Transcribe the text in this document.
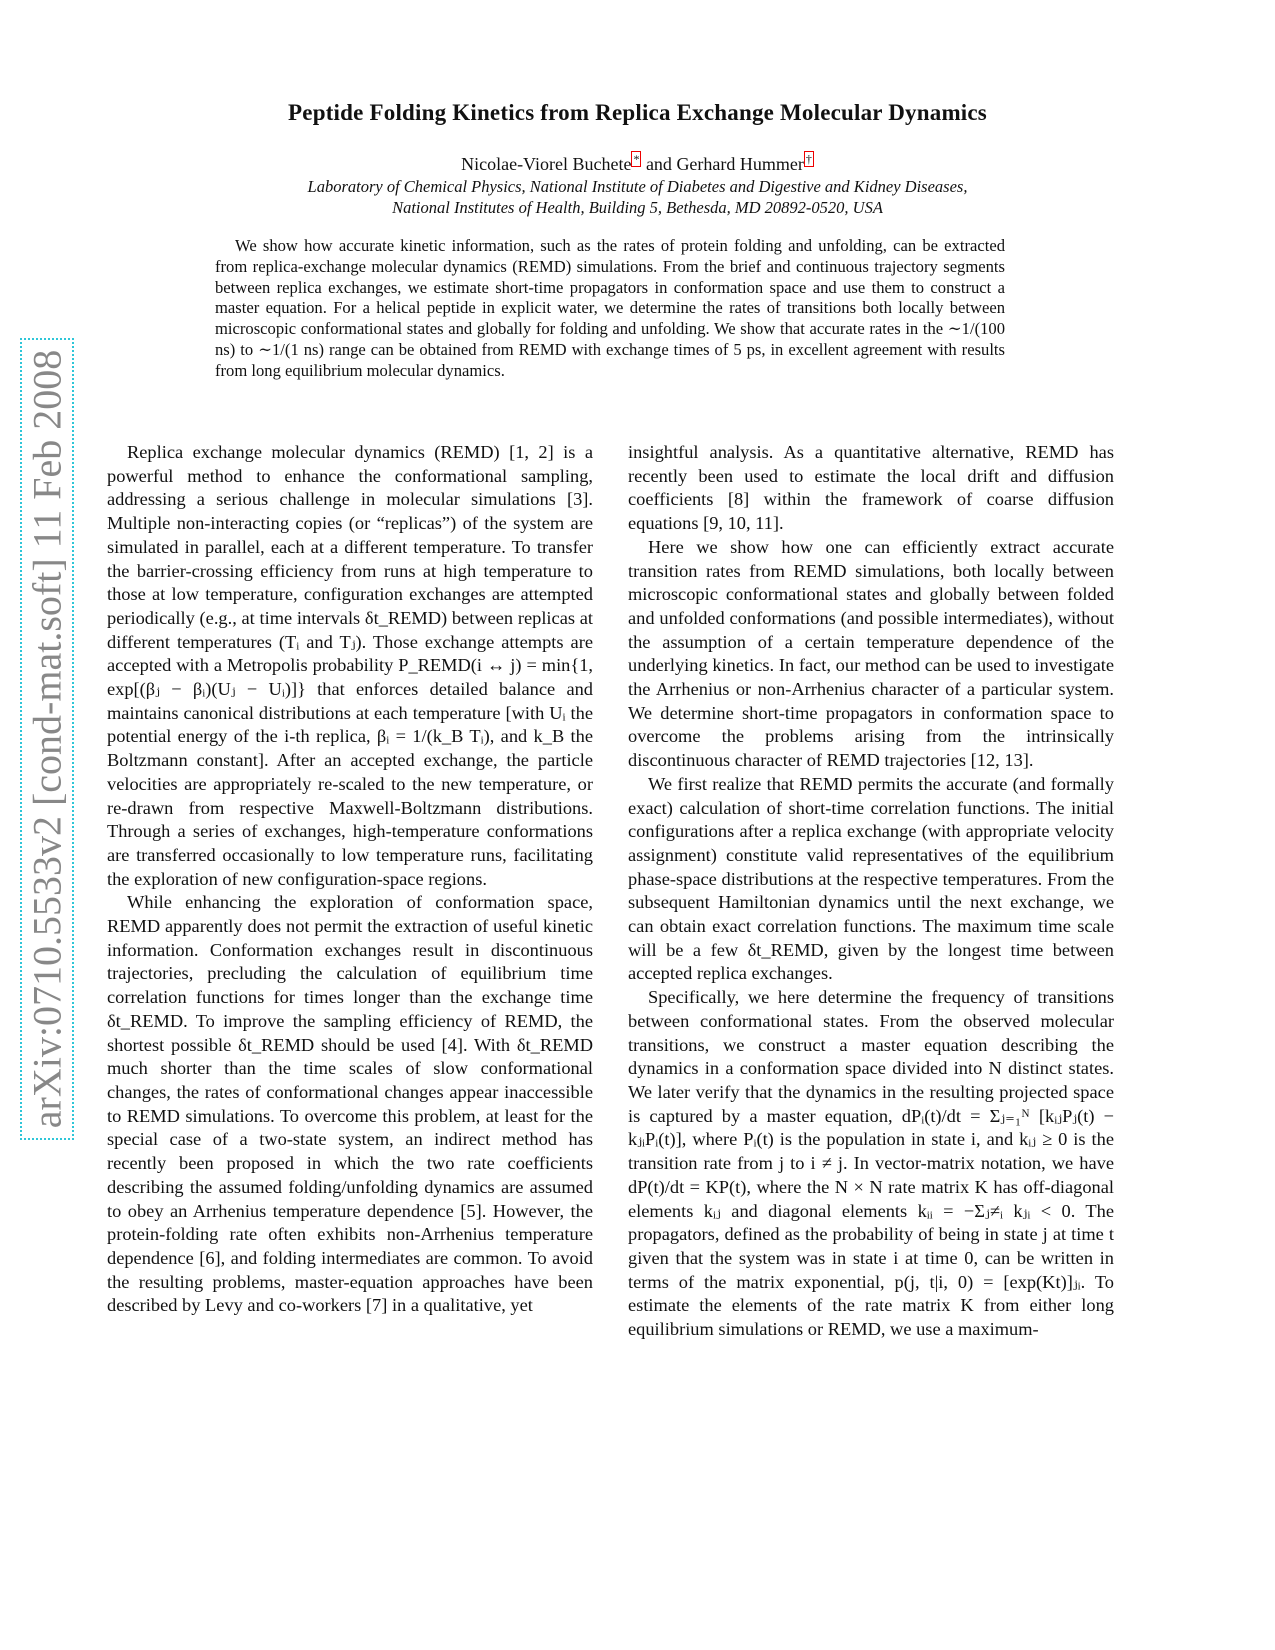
arXiv:0710.5533v2 [cond-mat.soft] 11 Feb 2008
Peptide Folding Kinetics from Replica Exchange Molecular Dynamics
Nicolae-Viorel Buchete * and Gerhard Hummer †
Laboratory of Chemical Physics, National Institute of Diabetes and Digestive and Kidney Diseases,
National Institutes of Health, Building 5, Bethesda, MD 20892-0520, USA
We show how accurate kinetic information, such as the rates of protein folding and unfolding, can be extracted from replica-exchange molecular dynamics (REMD) simulations. From the brief and continuous trajectory segments between replica exchanges, we estimate short-time propagators in conformation space and use them to construct a master equation. For a helical peptide in explicit water, we determine the rates of transitions both locally between microscopic conformational states and globally for folding and unfolding. We show that accurate rates in the ∼1/(100 ns) to ∼1/(1 ns) range can be obtained from REMD with exchange times of 5 ps, in excellent agreement with results from long equilibrium molecular dynamics.

Replica exchange molecular dynamics (REMD) [1, 2] is a powerful method to enhance the conformational sampling, addressing a serious challenge in molecular simulations [3]. Multiple non-interacting copies (or “replicas”) of the system are simulated in parallel, each at a different temperature. To transfer the barrier-crossing efficiency from runs at high temperature to those at low temperature, configuration exchanges are attempted periodically (e.g., at time intervals δt_REMD) between replicas at different temperatures (Tᵢ and Tⱼ). Those exchange attempts are accepted with a Metropolis probability P_REMD(i ↔ j) = min{1, exp[(βⱼ − βᵢ)(Uⱼ − Uᵢ)]} that enforces detailed balance and maintains canonical distributions at each temperature [with Uᵢ the potential energy of the i-th replica, βᵢ = 1/(k_B Tᵢ), and k_B the Boltzmann constant]. After an accepted exchange, the particle velocities are appropriately re-scaled to the new temperature, or re-drawn from respective Maxwell-Boltzmann distributions. Through a series of exchanges, high-temperature conformations are transferred occasionally to low temperature runs, facilitating the exploration of new configuration-space regions.

While enhancing the exploration of conformation space, REMD apparently does not permit the extraction of useful kinetic information. Conformation exchanges result in discontinuous trajectories, precluding the calculation of equilibrium time correlation functions for times longer than the exchange time δt_REMD. To improve the sampling efficiency of REMD, the shortest possible δt_REMD should be used [4]. With δt_REMD much shorter than the time scales of slow conformational changes, the rates of conformational changes appear inaccessible to REMD simulations. To overcome this problem, at least for the special case of a two-state system, an indirect method has recently been proposed in which the two rate coefficients describing the assumed folding/unfolding dynamics are assumed to obey an Arrhenius temperature dependence [5]. However, the protein-folding rate often exhibits non-Arrhenius temperature dependence [6], and folding intermediates are common. To avoid the resulting problems, master-equation approaches have been described by Levy and co-workers [7] in a qualitative, yet

insightful analysis. As a quantitative alternative, REMD has recently been used to estimate the local drift and diffusion coefficients [8] within the framework of coarse diffusion equations [9, 10, 11].

Here we show how one can efficiently extract accurate transition rates from REMD simulations, both locally between microscopic conformational states and globally between folded and unfolded conformations (and possible intermediates), without the assumption of a certain temperature dependence of the underlying kinetics. In fact, our method can be used to investigate the Arrhenius or non-Arrhenius character of a particular system. We determine short-time propagators in conformation space to overcome the problems arising from the intrinsically discontinuous character of REMD trajectories [12, 13].

We first realize that REMD permits the accurate (and formally exact) calculation of short-time correlation functions. The initial configurations after a replica exchange (with appropriate velocity assignment) constitute valid representatives of the equilibrium phase-space distributions at the respective temperatures. From the subsequent Hamiltonian dynamics until the next exchange, we can obtain exact correlation functions. The maximum time scale will be a few δt_REMD, given by the longest time between accepted replica exchanges.

Specifically, we here determine the frequency of transitions between conformational states. From the observed molecular transitions, we construct a master equation describing the dynamics in a conformation space divided into N distinct states. We later verify that the dynamics in the resulting projected space is captured by a master equation, dPᵢ(t)/dt = Σⱼ₌₁ᴺ [kᵢⱼPⱼ(t) − kⱼᵢPᵢ(t)], where Pᵢ(t) is the population in state i, and kᵢⱼ ≥ 0 is the transition rate from j to i ≠ j. In vector-matrix notation, we have dP(t)/dt = KP(t), where the N × N rate matrix K has off-diagonal elements kᵢⱼ and diagonal elements kᵢᵢ = −Σⱼ≠ᵢ kⱼᵢ < 0. The propagators, defined as the probability of being in state j at time t given that the system was in state i at time 0, can be written in terms of the matrix exponential, p(j, t|i, 0) = [exp(Kt)]ⱼᵢ. To estimate the elements of the rate matrix K from either long equilibrium simulations or REMD, we use a maximum-
